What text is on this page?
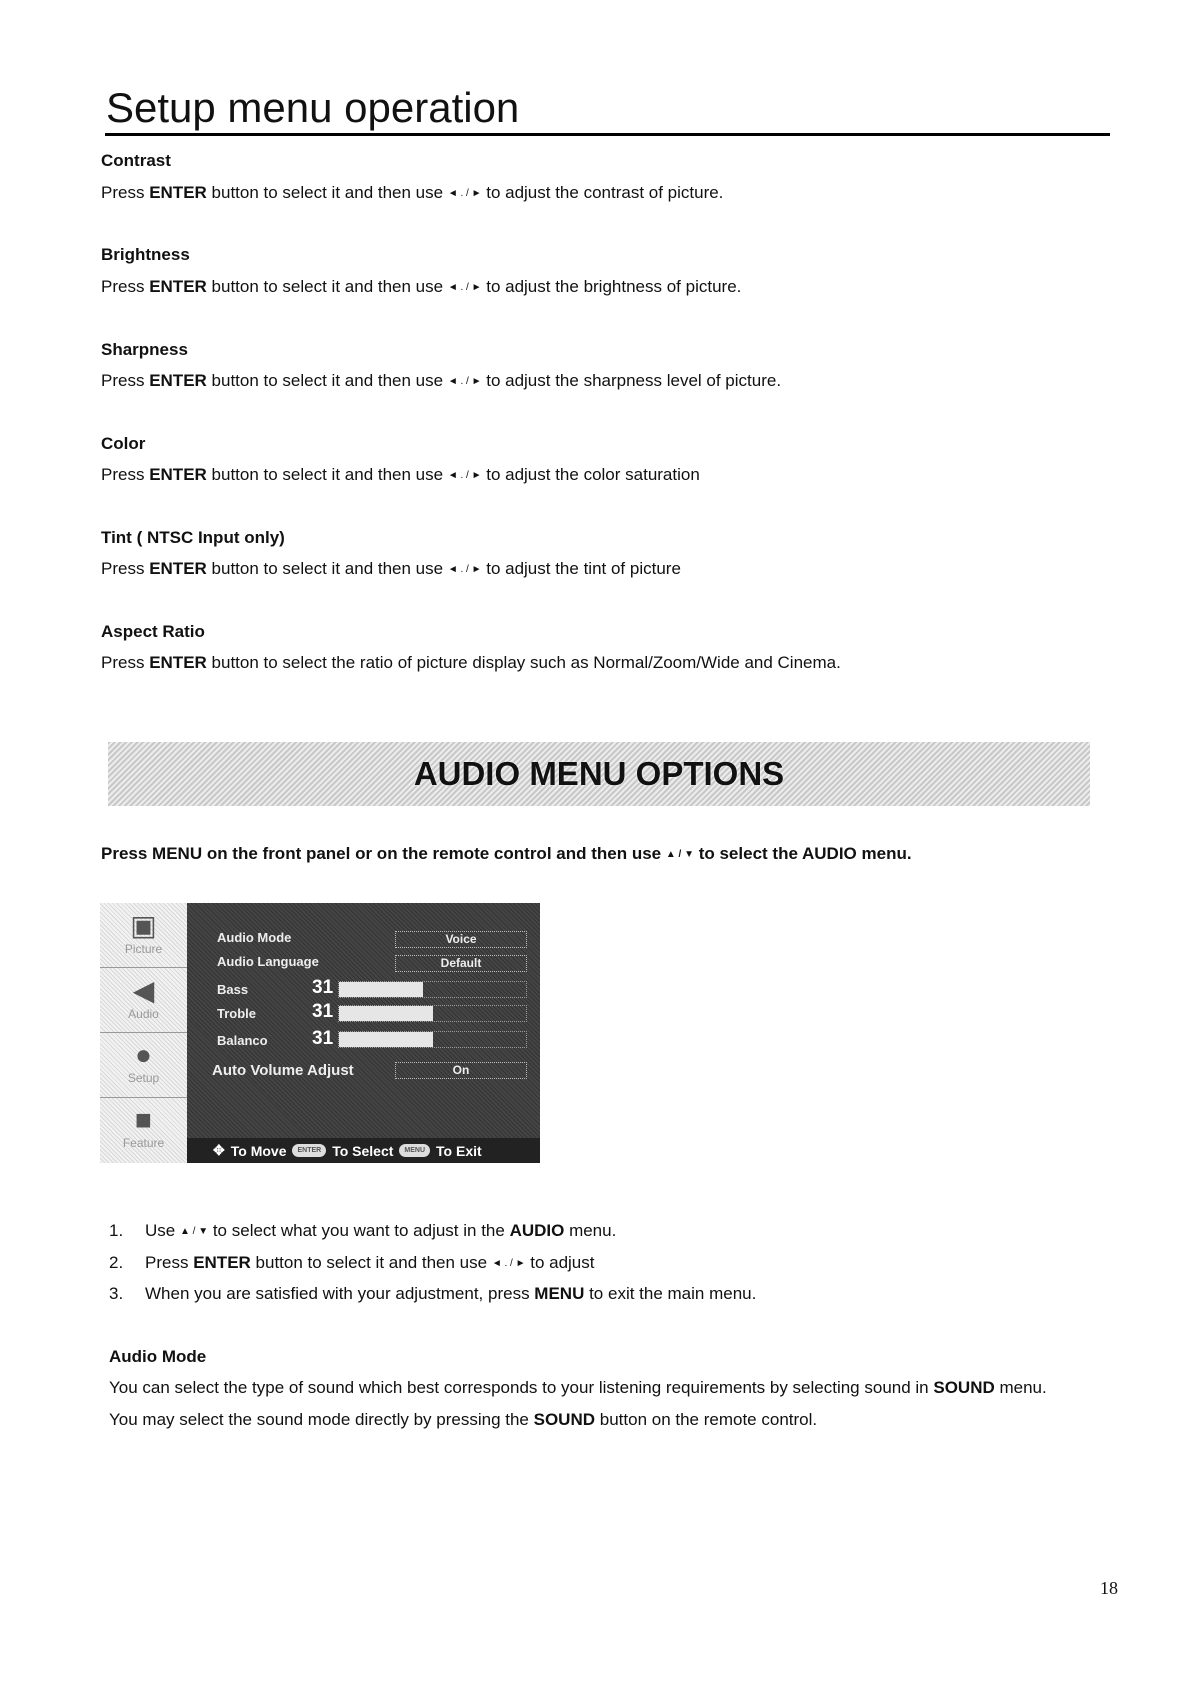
Setup menu operation
Contrast
Press ENTER button to select it and then use ◄ . / ► to adjust the contrast of picture.
Brightness
Press ENTER button to select it and then use ◄ . / ► to adjust the brightness of picture.
Sharpness
Press ENTER button to select it and then use ◄ . / ► to adjust the sharpness level of picture.
Color
Press ENTER button to select it and then use ◄ . / ► to adjust the color saturation
Tint ( NTSC Input only)
Press ENTER button to select it and then use ◄ . / ► to adjust the tint of picture
Aspect Ratio
Press ENTER button to select the ratio of picture display such as Normal/Zoom/Wide and Cinema.
AUDIO MENU OPTIONS
Press MENU on the front panel or on the remote control and then use ▲ / ▼ to select the AUDIO menu.
▣
Picture
◀
Audio
●
Setup
■
Feature
Audio Mode	Voice
Audio Language	Default
Bass	31
Troble	31
Balanco 31
Auto Volume Adjust	On
✥ To Move	ENTER To Select	MENU To Exit
1. Use ▲ / ▼ to select what you want to adjust in the AUDIO menu.
2. Press ENTER button to select it and then use ◄ . / ► to adjust
3. When you are satisfied with your adjustment, press MENU to exit the main menu.
Audio Mode
You can select the type of sound which best corresponds to your listening requirements by selecting sound in SOUND menu.
You may select the sound mode directly by pressing the SOUND button on the remote control.
18
